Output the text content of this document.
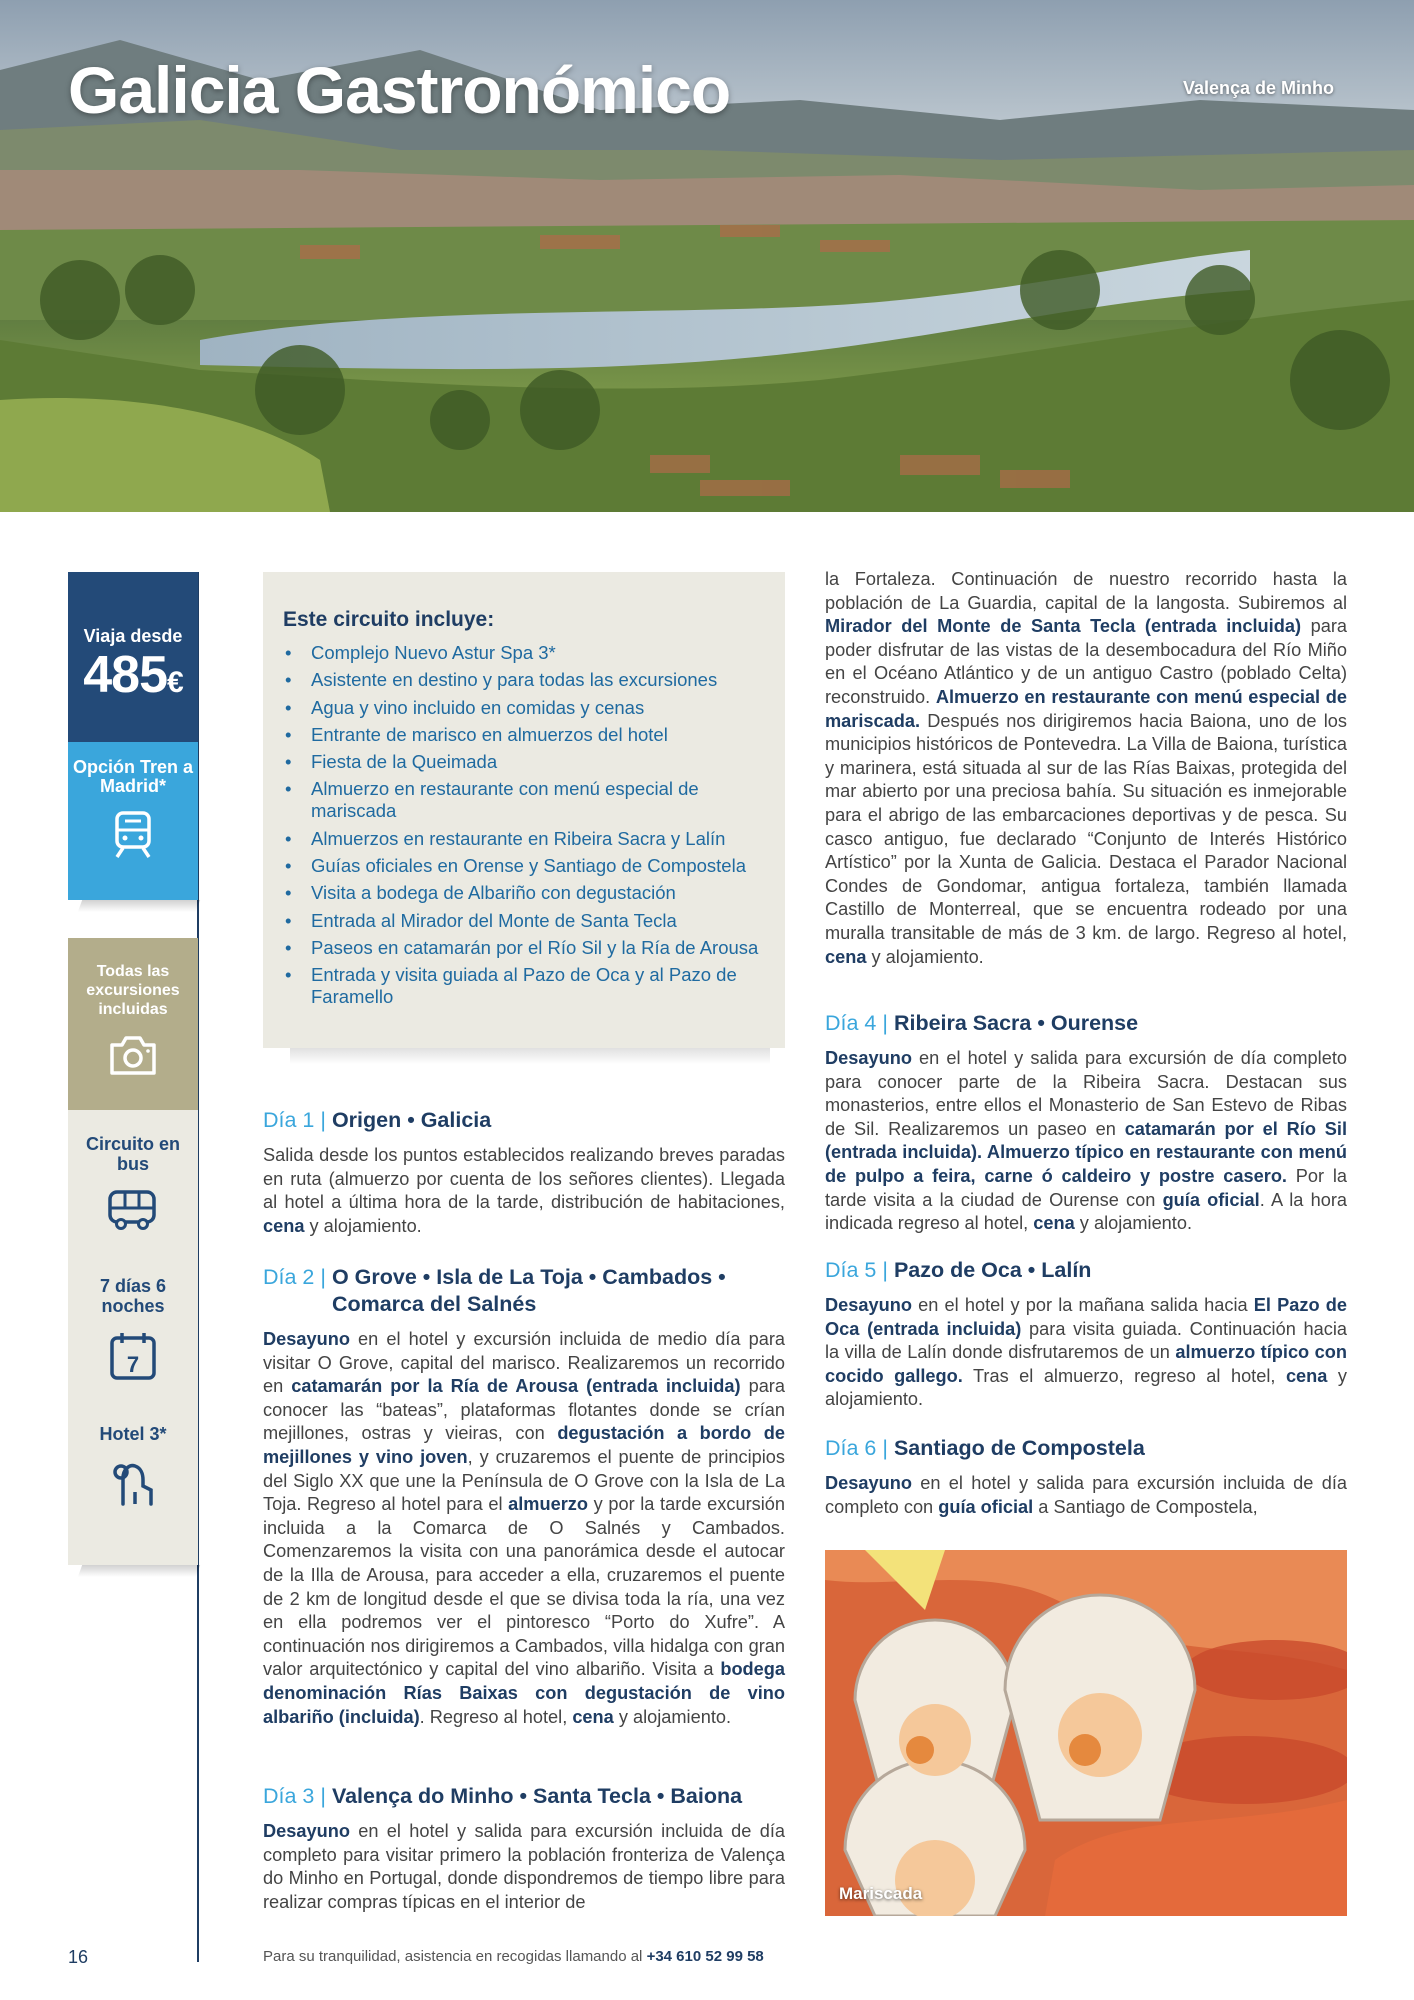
Galicia Gastronómico	Valença de Minho
Viaja desde
485€
Opción Tren a Madrid*
Todas las excursiones incluidas
Circuito en bus
7 días 6 noches
7
Hotel 3*
Este circuito incluye:
• Complejo Nuevo Astur Spa 3*
• Asistente en destino y para todas las excursiones
• Agua y vino incluido en comidas y cenas
• Entrante de marisco en almuerzos del hotel
• Fiesta de la Queimada
• Almuerzo en restaurante con menú especial de mariscada
• Almuerzos en restaurante en Ribeira Sacra y Lalín
• Guías oficiales en Orense y Santiago de Compostela
• Visita a bodega de Albariño con degustación
• Entrada al Mirador del Monte de Santa Tecla
• Paseos en catamarán por el Río Sil y la Ría de Arousa
• Entrada y visita guiada al Pazo de Oca y al Pazo de Faramello
Día 1 | Origen • Galicia

Salida desde los puntos establecidos realizando breves paradas en ruta (almuerzo por cuenta de los señores clientes). Llegada al hotel a última hora de la tarde, distribución de habitaciones, cena y alojamiento.

Día 2 | O Grove • Isla de La Toja • Cambados • Comarca del Salnés

Desayuno en el hotel y excursión incluida de medio día para visitar O Grove, capital del marisco. Realizaremos un recorrido en catamarán por la Ría de Arousa (entrada incluida) para conocer las “bateas”, plataformas flotantes donde se crían mejillones, ostras y vieiras, con degustación a bordo de mejillones y vino joven, y cruzaremos el puente de principios del Siglo XX que une la Península de O Grove con la Isla de La Toja. Regreso al hotel para el almuerzo y por la tarde excursión incluida a la Comarca de O Salnés y Cambados. Comenzaremos la visita con una panorámica desde el autocar de la Illa de Arousa, para acceder a ella, cruzaremos el puente de 2 km de longitud desde el que se divisa toda la ría, una vez en ella podremos ver el pintoresco “Porto do Xufre”. A continuación nos dirigiremos a Cambados, villa hidalga con gran valor arquitectónico y capital del vino albariño. Visita a bodega denominación Rías Baixas con degustación de vino albariño (incluida). Regreso al hotel, cena y alojamiento.

Día 3 | Valença do Minho • Santa Tecla • Baiona

Desayuno en el hotel y salida para excursión incluida de día completo para visitar primero la población fronteriza de Valença do Minho en Portugal, donde dispondremos de tiempo libre para realizar compras típicas en el interior de

la Fortaleza. Continuación de nuestro recorrido hasta la población de La Guardia, capital de la langosta. Subiremos al Mirador del Monte de Santa Tecla (entrada incluida) para poder disfrutar de las vistas de la desembocadura del Río Miño en el Océano Atlántico y de un antiguo Castro (poblado Celta) reconstruido. Almuerzo en restaurante con menú especial de mariscada. Después nos dirigiremos hacia Baiona, uno de los municipios históricos de Pontevedra. La Villa de Baiona, turística y marinera, está situada al sur de las Rías Baixas, protegida del mar abierto por una preciosa bahía. Su situación es inmejorable para el abrigo de las embarcaciones deportivas y de pesca. Su casco antiguo, fue declarado “Conjunto de Interés Histórico Artístico” por la Xunta de Galicia. Destaca el Parador Nacional Condes de Gondomar, antigua fortaleza, también llamada Castillo de Monterreal, que se encuentra rodeado por una muralla transitable de más de 3 km. de largo. Regreso al hotel, cena y alojamiento.

Día 4 | Ribeira Sacra • Ourense

Desayuno en el hotel y salida para excursión de día completo para conocer parte de la Ribeira Sacra. Destacan sus monasterios, entre ellos el Monasterio de San Estevo de Ribas de Sil. Realizaremos un paseo en catamarán por el Río Sil (entrada incluida). Almuerzo típico en restaurante con menú de pulpo a feira, carne ó caldeiro y postre casero. Por la tarde visita a la ciudad de Ourense con guía oficial. A la hora indicada regreso al hotel, cena y alojamiento.

Día 5 | Pazo de Oca • Lalín

Desayuno en el hotel y por la mañana salida hacia El Pazo de Oca (entrada incluida) para visita guiada. Continuación hacia la villa de Lalín donde disfrutaremos de un almuerzo típico con cocido gallego. Tras el almuerzo, regreso al hotel, cena y alojamiento.

Día 6 | Santiago de Compostela

Desayuno en el hotel y salida para excursión incluida de día completo con guía oficial a Santiago de Compostela,

Mariscada
16	Para su tranquilidad, asistencia en recogidas llamando al +34 610 52 99 58
